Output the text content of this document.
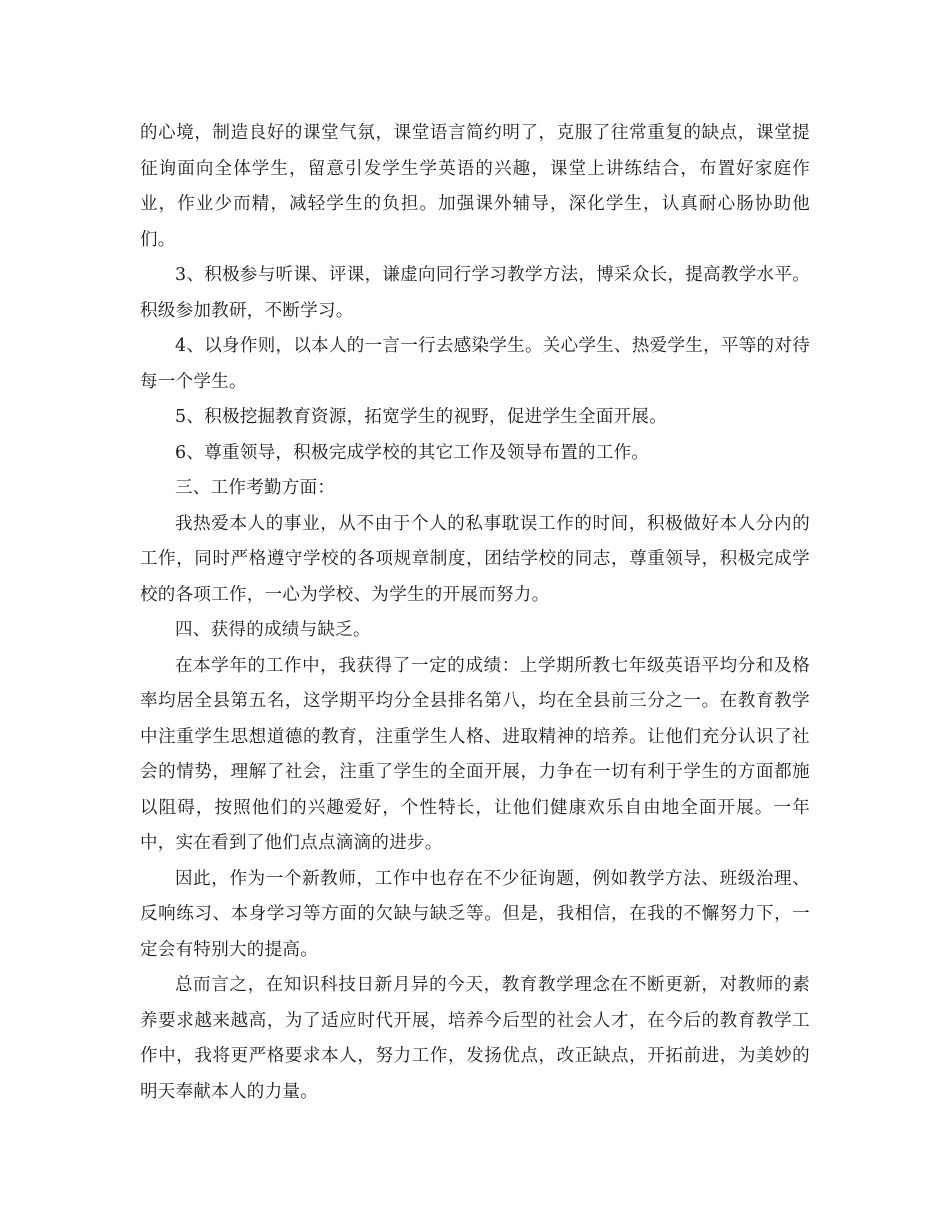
的心境，制造良好的课堂气氛，课堂语言简约明了，克服了往常重复的缺点，课堂提征询面向全体学生，留意引发学生学英语的兴趣，课堂上讲练结合，布置好家庭作业，作业少而精，减轻学生的负担。加强课外辅导，深化学生，认真耐心肠协助他们。

3、积极参与听课、评课，谦虚向同行学习教学方法，博采众长，提高教学水平。积级参加教研，不断学习。

4、以身作则，以本人的一言一行去感染学生。关心学生、热爱学生，平等的对待每一个学生。

5、积极挖掘教育资源，拓宽学生的视野，促进学生全面开展。

6、尊重领导，积极完成学校的其它工作及领导布置的工作。

三、工作考勤方面：

我热爱本人的事业，从不由于个人的私事耽误工作的时间，积极做好本人分内的工作，同时严格遵守学校的各项规章制度，团结学校的同志，尊重领导，积极完成学校的各项工作，一心为学校、为学生的开展而努力。

四、获得的成绩与缺乏。

在本学年的工作中，我获得了一定的成绩：上学期所教七年级英语平均分和及格率均居全县第五名，这学期平均分全县排名第八，均在全县前三分之一。在教育教学中注重学生思想道德的教育，注重学生人格、进取精神的培养。让他们充分认识了社会的情势，理解了社会，注重了学生的全面开展，力争在一切有利于学生的方面都施以阻碍，按照他们的兴趣爱好，个性特长，让他们健康欢乐自由地全面开展。一年中，实在看到了他们点点滴滴的进步。

因此，作为一个新教师，工作中也存在不少征询题，例如教学方法、班级治理、反响练习、本身学习等方面的欠缺与缺乏等。但是，我相信，在我的不懈努力下，一定会有特别大的提高。

总而言之，在知识科技日新月异的今天，教育教学理念在不断更新，对教师的素养要求越来越高，为了适应时代开展，培养今后型的社会人才，在今后的教育教学工作中，我将更严格要求本人，努力工作，发扬优点，改正缺点，开拓前进，为美妙的明天奉献本人的力量。
